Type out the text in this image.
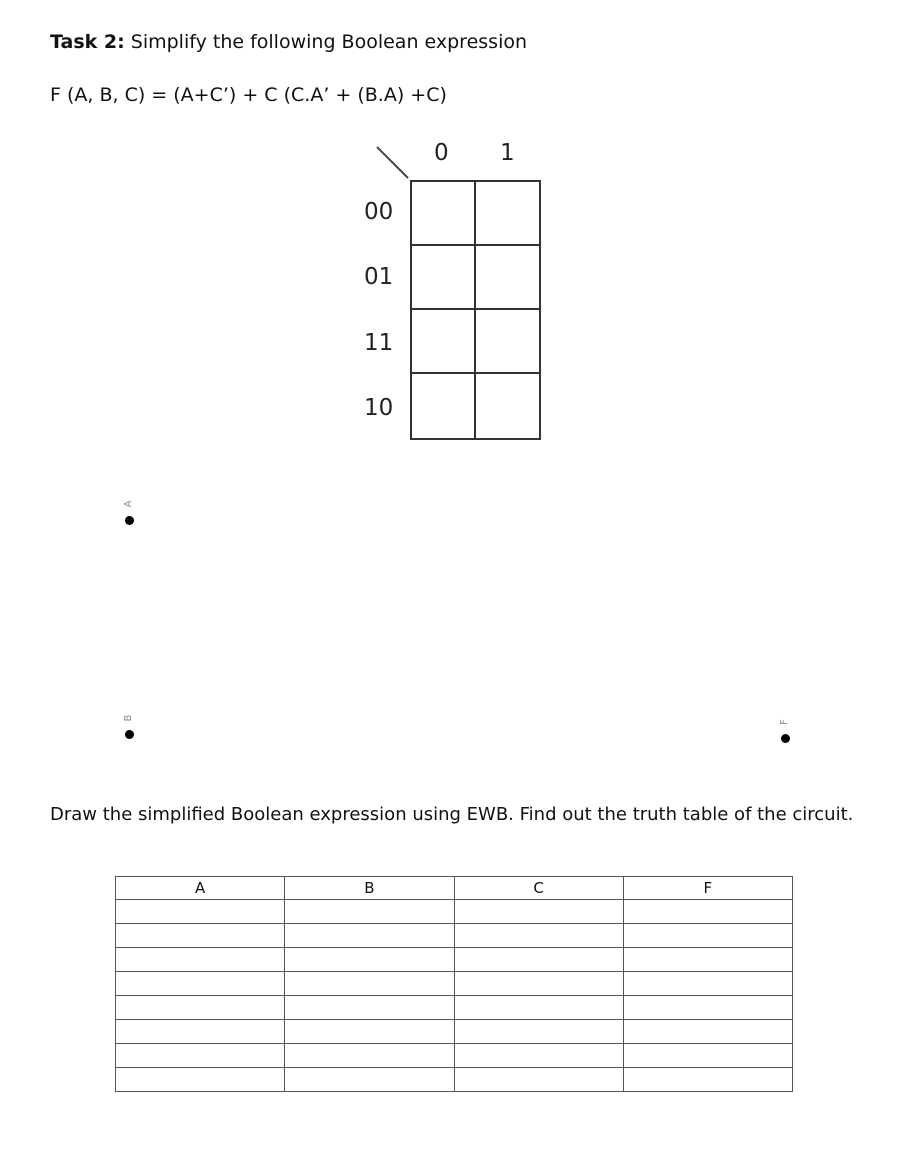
Task 2: Simplify the following Boolean expression
F (A, B, C) = (A+C’) + C (C.A’ + (B.A) +C)
0 1
00
01
11
10
A
B
F
Draw the simplified Boolean expression using EWB. Find out the truth table of the circuit.
A	B	C	F
